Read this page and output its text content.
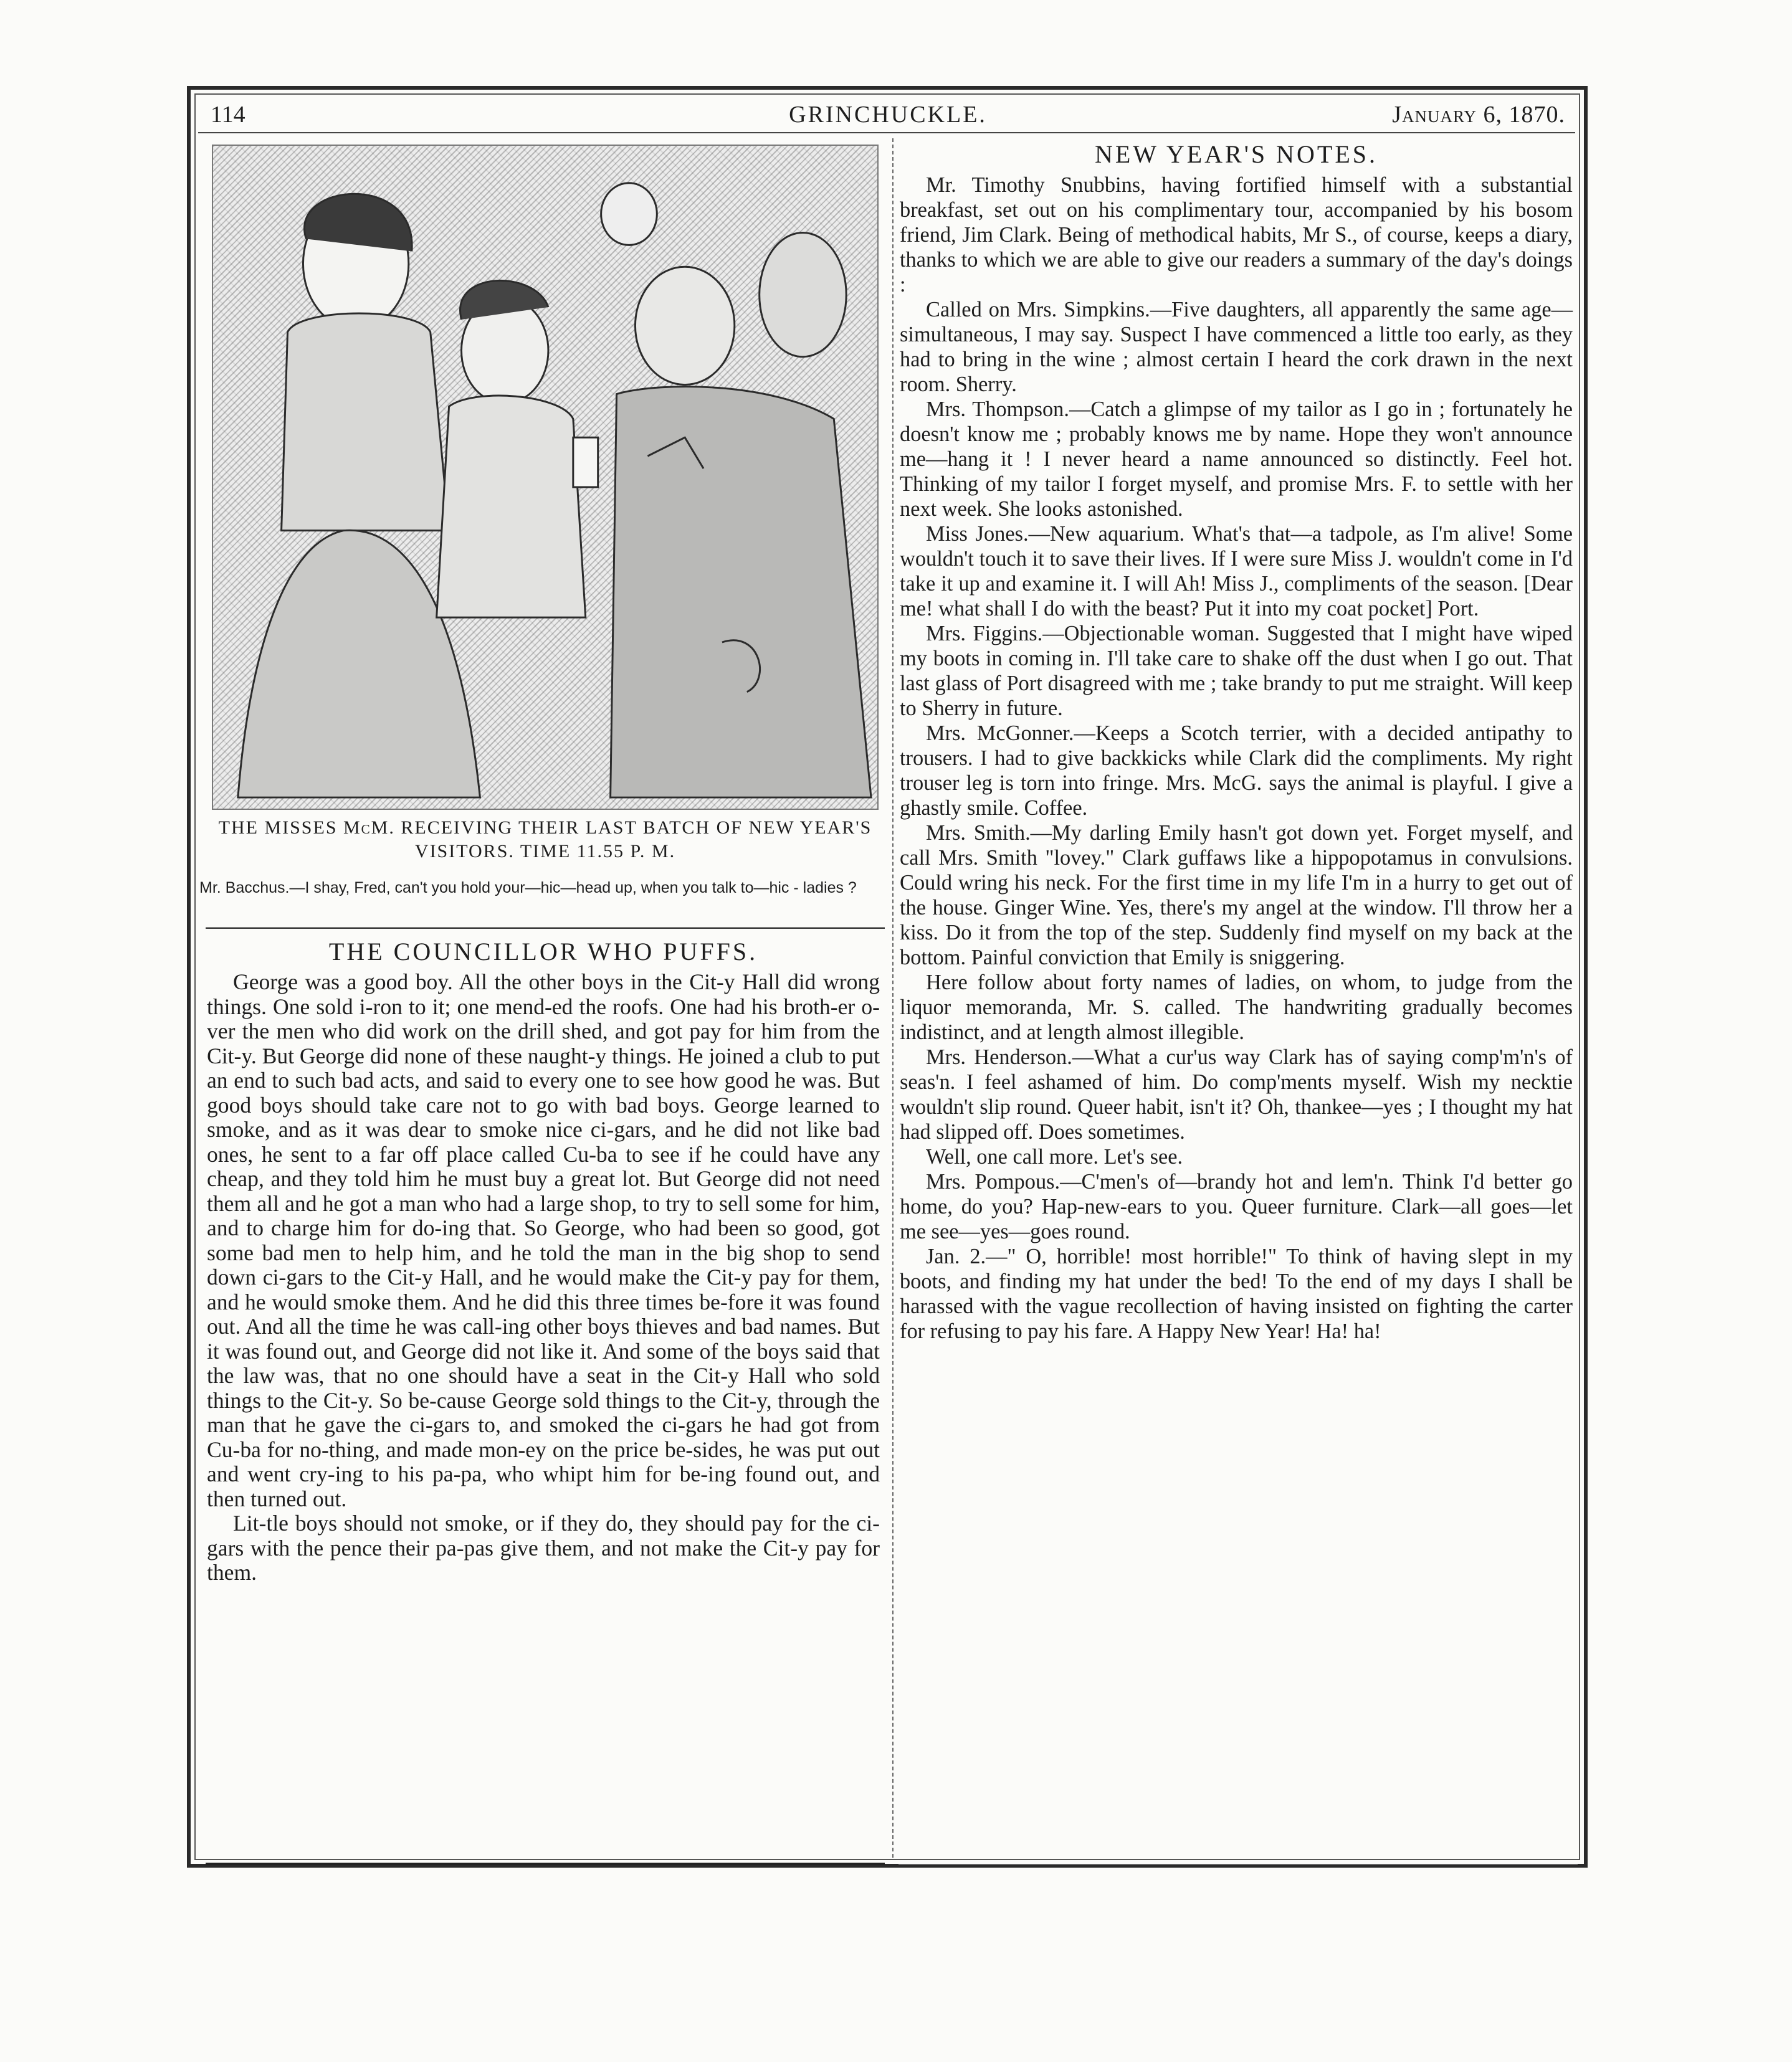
114	GRINCHUCKLE.	January 6, 1870.
THE MISSES McM. RECEIVING THEIR LAST BATCH OF NEW YEAR'S VISITORS. TIME 11.55 P. M.
Mr. Bacchus.—I shay, Fred, can't you hold your—hic—head up, when you talk to—hic - ladies ?
THE COUNCILLOR WHO PUFFS.

George was a good boy. All the other boys in the Cit-y Hall did wrong things. One sold i-ron to it; one mend-ed the roofs. One had his broth-er o-ver the men who did work on the drill shed, and got pay for him from the Cit-y. But George did none of these naught-y things. He joined a club to put an end to such bad acts, and said to every one to see how good he was. But good boys should take care not to go with bad boys. George learned to smoke, and as it was dear to smoke nice ci-gars, and he did not like bad ones, he sent to a far off place called Cu-ba to see if he could have any cheap, and they told him he must buy a great lot. But George did not need them all and he got a man who had a large shop, to try to sell some for him, and to charge him for do-ing that. So George, who had been so good, got some bad men to help him, and he told the man in the big shop to send down ci-gars to the Cit-y Hall, and he would make the Cit-y pay for them, and he would smoke them. And he did this three times be-fore it was found out. And all the time he was call-ing other boys thieves and bad names. But it was found out, and George did not like it. And some of the boys said that the law was, that no one should have a seat in the Cit-y Hall who sold things to the Cit-y. So be-cause George sold things to the Cit-y, through the man that he gave the ci-gars to, and smoked the ci-gars he had got from Cu-ba for no-thing, and made mon-ey on the price be-sides, he was put out and went cry-ing to his pa-pa, who whipt him for be-ing found out, and then turned out.

Lit-tle boys should not smoke, or if they do, they should pay for the ci-gars with the pence their pa-pas give them, and not make the Cit-y pay for them.

NEW YEAR'S NOTES.

Mr. Timothy Snubbins, having fortified himself with a substantial breakfast, set out on his complimentary tour, accompanied by his bosom friend, Jim Clark. Being of methodical habits, Mr S., of course, keeps a diary, thanks to which we are able to give our readers a summary of the day's doings :

Called on Mrs. Simpkins.—Five daughters, all apparently the same age—simultaneous, I may say. Suspect I have commenced a little too early, as they had to bring in the wine ; almost certain I heard the cork drawn in the next room. Sherry.

Mrs. Thompson.—Catch a glimpse of my tailor as I go in ; fortunately he doesn't know me ; probably knows me by name. Hope they won't announce me—hang it ! I never heard a name announced so distinctly. Feel hot. Thinking of my tailor I forget myself, and promise Mrs. F. to settle with her next week. She looks astonished.

Miss Jones.—New aquarium. What's that—a tadpole, as I'm alive! Some wouldn't touch it to save their lives. If I were sure Miss J. wouldn't come in I'd take it up and examine it. I will Ah! Miss J., compliments of the season. [Dear me! what shall I do with the beast? Put it into my coat pocket] Port.

Mrs. Figgins.—Objectionable woman. Suggested that I might have wiped my boots in coming in. I'll take care to shake off the dust when I go out. That last glass of Port disagreed with me ; take brandy to put me straight. Will keep to Sherry in future.

Mrs. McGonner.—Keeps a Scotch terrier, with a decided antipathy to trousers. I had to give backkicks while Clark did the compliments. My right trouser leg is torn into fringe. Mrs. McG. says the animal is playful. I give a ghastly smile. Coffee.

Mrs. Smith.—My darling Emily hasn't got down yet. Forget myself, and call Mrs. Smith "lovey." Clark guffaws like a hippopotamus in convulsions. Could wring his neck. For the first time in my life I'm in a hurry to get out of the house. Ginger Wine. Yes, there's my angel at the window. I'll throw her a kiss. Do it from the top of the step. Suddenly find myself on my back at the bottom. Painful conviction that Emily is sniggering.

Here follow about forty names of ladies, on whom, to judge from the liquor memoranda, Mr. S. called. The handwriting gradually becomes indistinct, and at length almost illegible.

Mrs. Henderson.—What a cur'us way Clark has of saying comp'm'n's of seas'n. I feel ashamed of him. Do comp'ments myself. Wish my necktie wouldn't slip round. Queer habit, isn't it? Oh, thankee—yes ; I thought my hat had slipped off. Does sometimes.

Well, one call more. Let's see.

Mrs. Pompous.—C'men's of—brandy hot and lem'n. Think I'd better go home, do you? Hap-new-ears to you. Queer furniture. Clark—all goes—let me see—yes—goes round.

Jan. 2.—" O, horrible! most horrible!" To think of having slept in my boots, and finding my hat under the bed! To the end of my days I shall be harassed with the vague recollection of having insisted on fighting the carter for refusing to pay his fare. A Happy New Year! Ha! ha!
